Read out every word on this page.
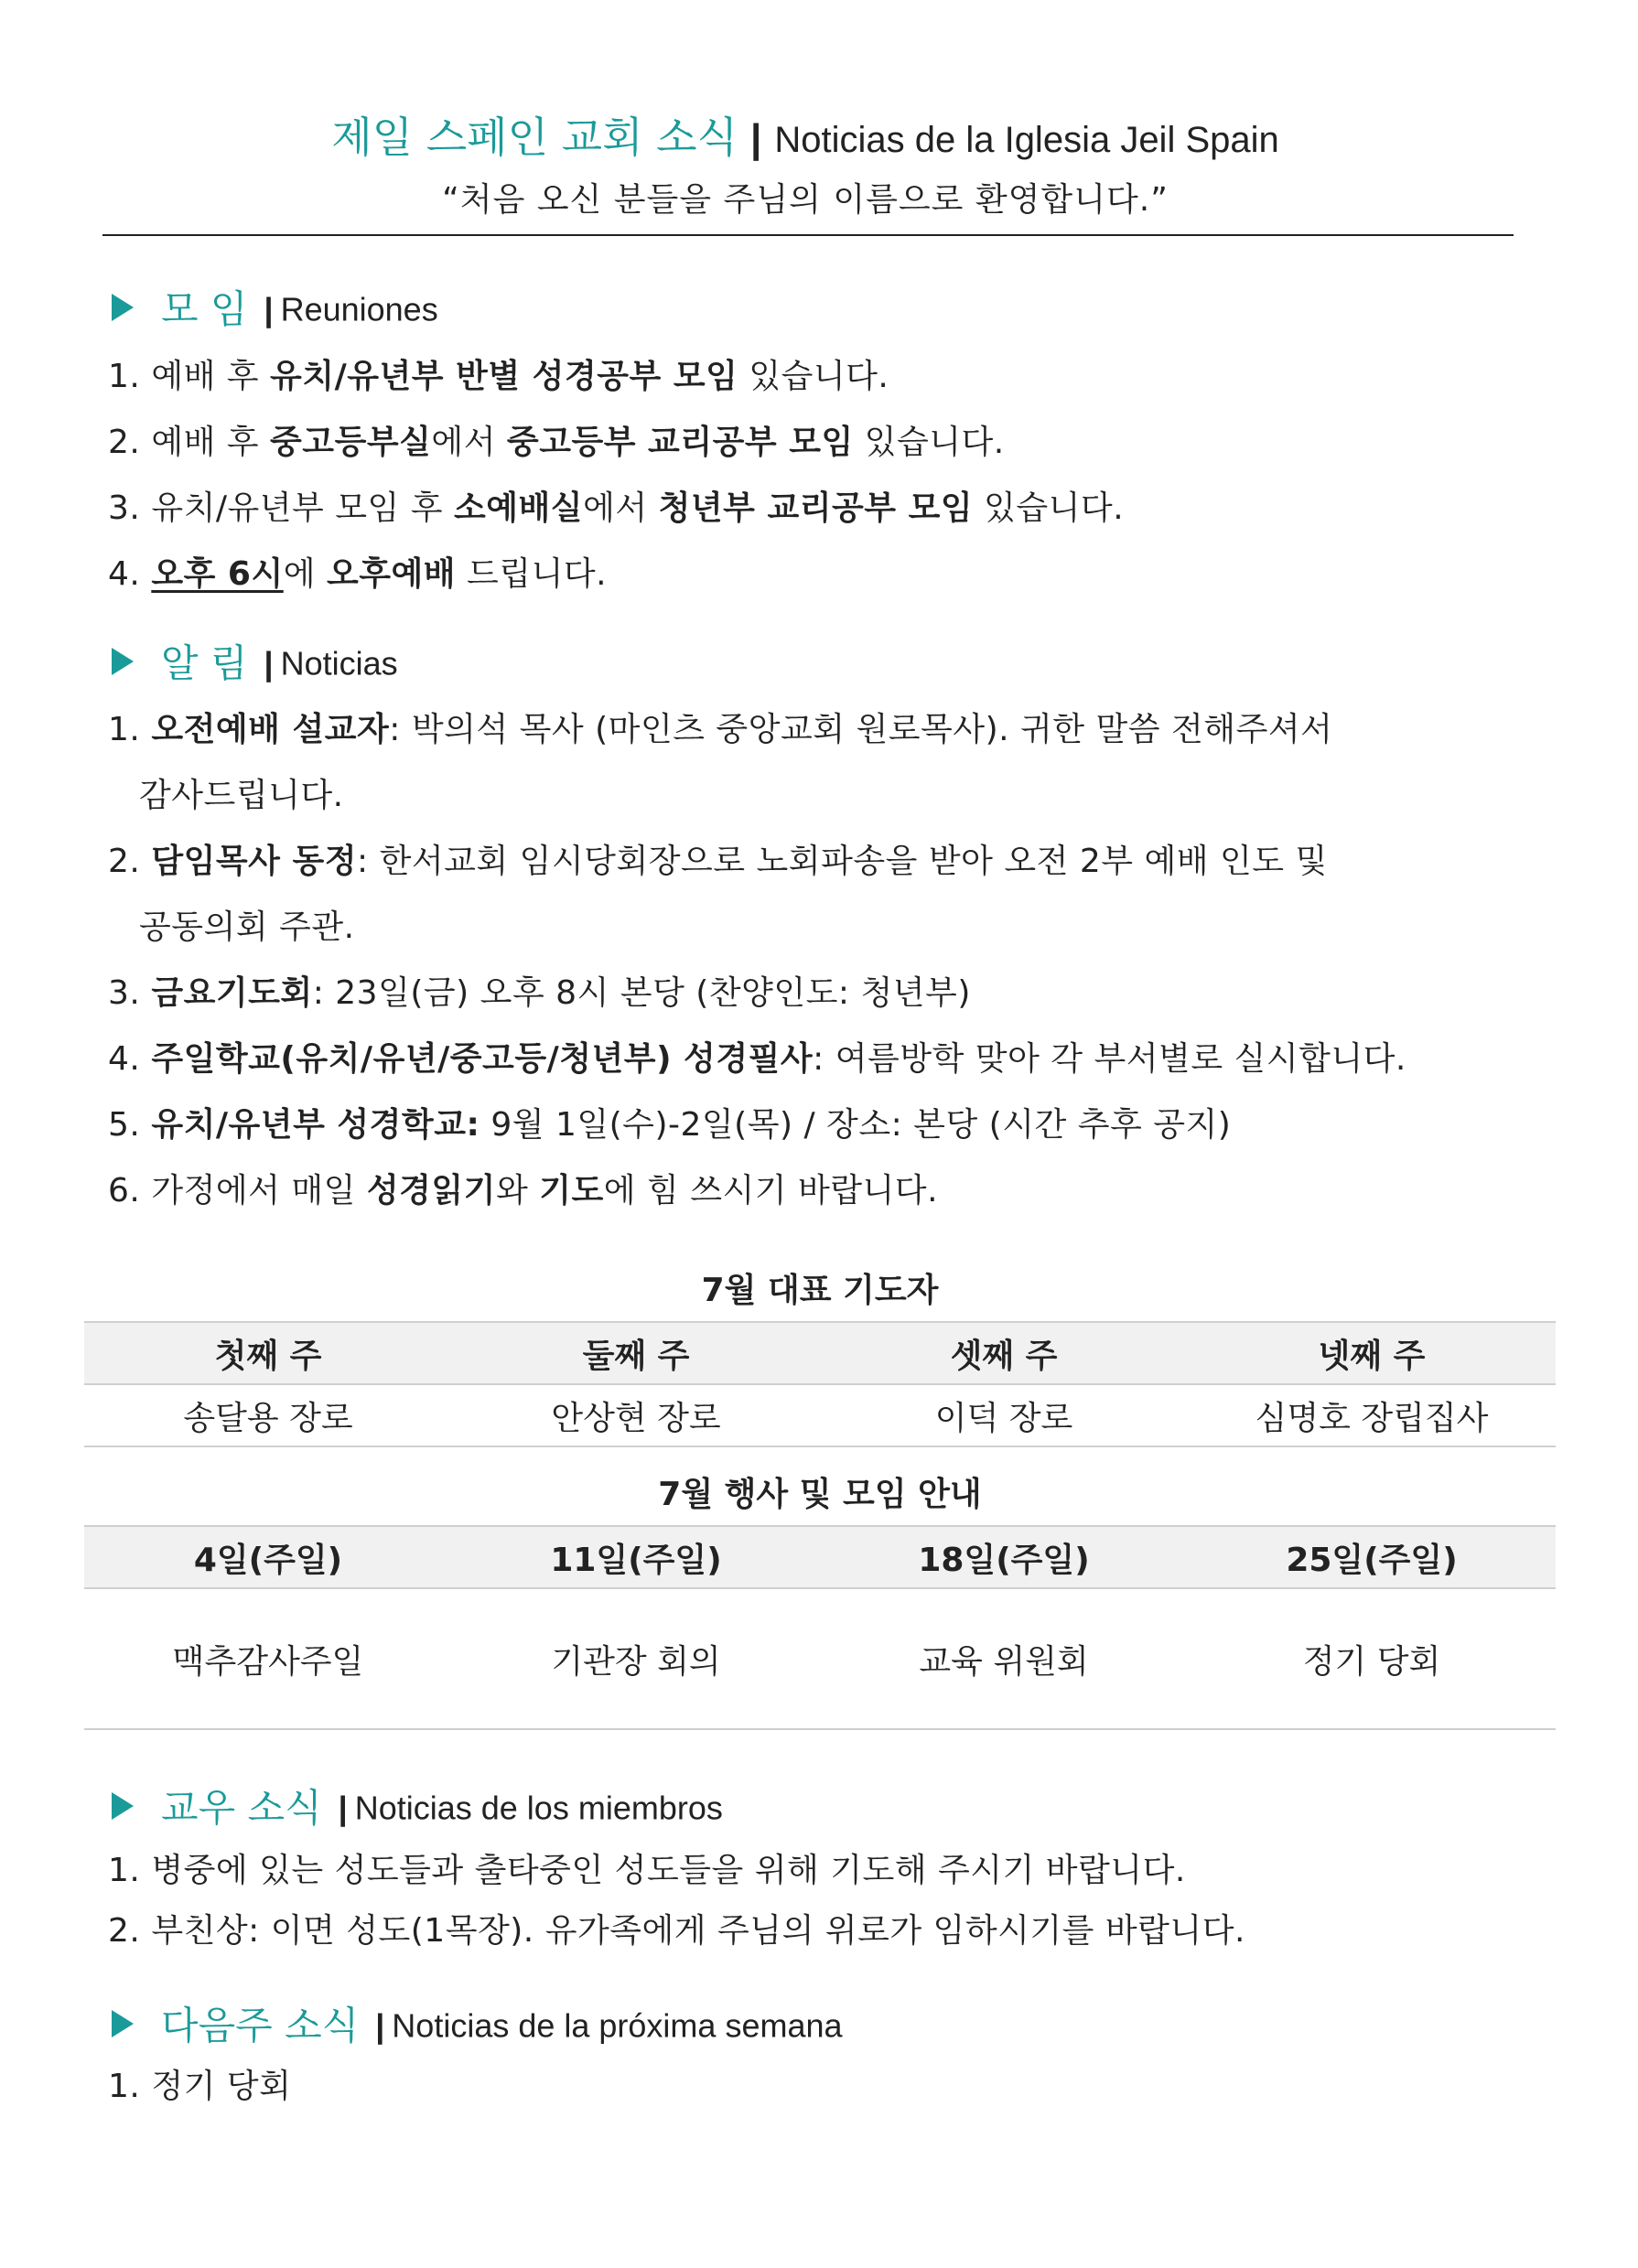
제일 스페인 교회 소식 | Noticias de la Iglesia Jeil Spain
“처음 오신 분들을 주님의 이름으로 환영합니다.”
모 임 | Reuniones
1. 예배 후 유치/유년부 반별 성경공부 모임 있습니다.
2. 예배 후 중고등부실에서 중고등부 교리공부 모임 있습니다.
3. 유치/유년부 모임 후 소예배실에서 청년부 교리공부 모임 있습니다.
4. 오후 6시에 오후예배 드립니다.
알 림 | Noticias
1. 오전예배 설교자: 박의석 목사 (마인츠 중앙교회 원로목사). 귀한 말씀 전해주셔서
감사드립니다.
2. 담임목사 동정: 한서교회 임시당회장으로 노회파송을 받아 오전 2부 예배 인도 및
공동의회 주관.
3. 금요기도회: 23일(금) 오후 8시 본당 (찬양인도: 청년부)
4. 주일학교(유치/유년/중고등/청년부) 성경필사: 여름방학 맞아 각 부서별로 실시합니다.
5. 유치/유년부 성경학교: 9월 1일(수)-2일(목) / 장소: 본당 (시간 추후 공지)
6. 가정에서 매일 성경읽기와 기도에 힘 쓰시기 바랍니다.
7월 대표 기도자
첫째 주	둘째 주	셋째 주	넷째 주
송달용 장로	안상현 장로	이덕 장로	심명호 장립집사
7월 행사 및 모임 안내
4일(주일)	11일(주일)	18일(주일)	25일(주일)
맥추감사주일	기관장 회의	교육 위원회	정기 당회
교우 소식 | Noticias de los miembros
1. 병중에 있는 성도들과 출타중인 성도들을 위해 기도해 주시기 바랍니다.
2. 부친상: 이면 성도(1목장). 유가족에게 주님의 위로가 임하시기를 바랍니다.
다음주 소식 | Noticias de la próxima semana
1. 정기 당회
